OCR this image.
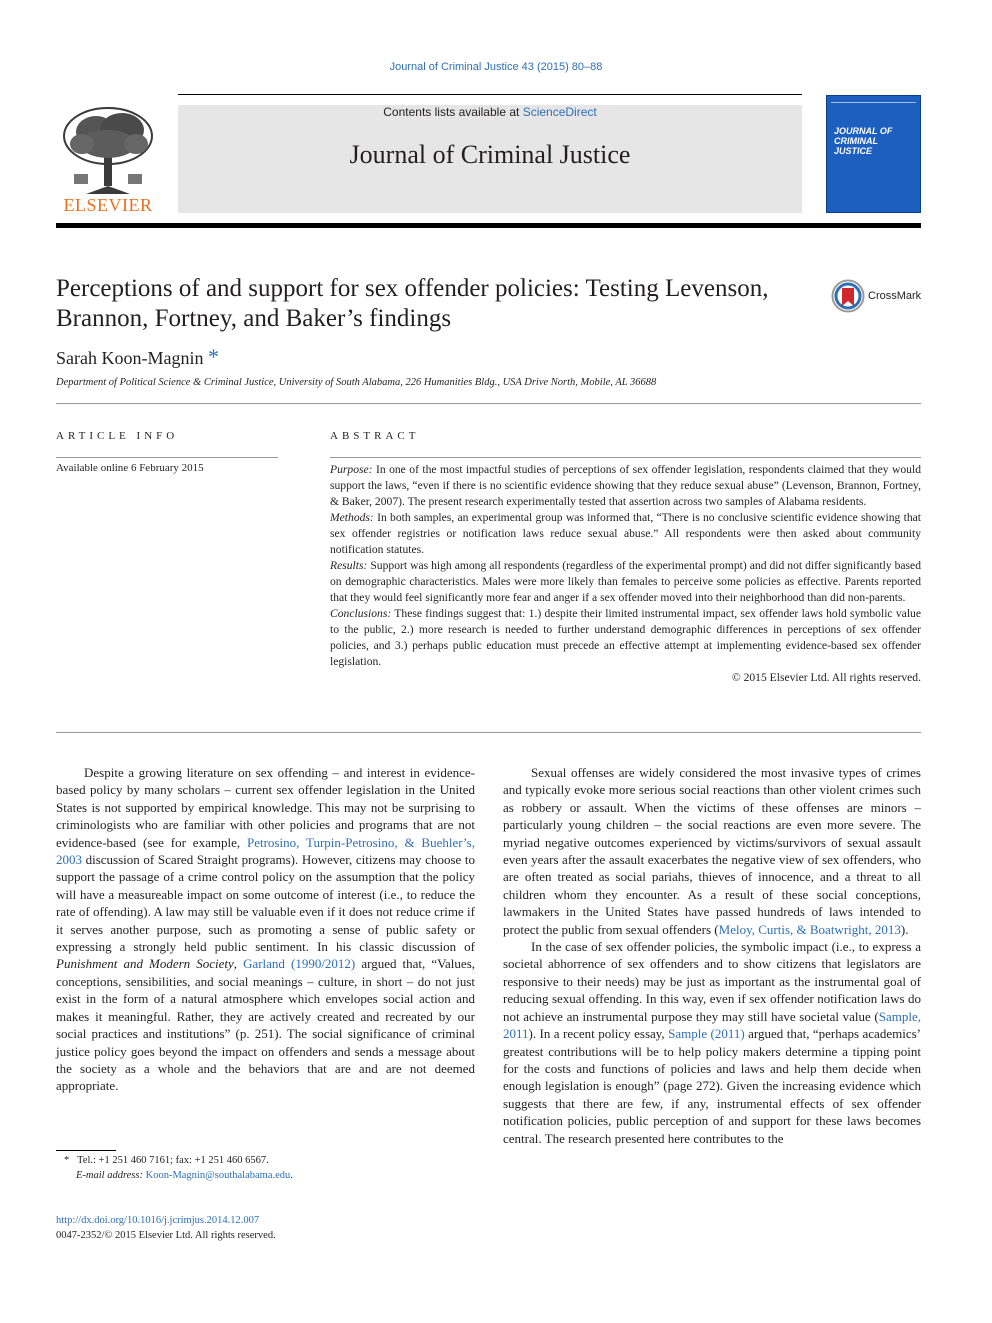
Journal of Criminal Justice 43 (2015) 80–88
ELSEVIER
Contents lists available at ScienceDirect
Journal of Criminal Justice
JOURNAL OF CRIMINAL JUSTICE
Perceptions of and support for sex offender policies: Testing Levenson, Brannon, Fortney, and Baker’s findings
CrossMark
Sarah Koon-Magnin *
Department of Political Science & Criminal Justice, University of South Alabama, 226 Humanities Bldg., USA Drive North, Mobile, AL 36688
ARTICLE INFO
Available online 6 February 2015
ABSTRACT

Purpose: In one of the most impactful studies of perceptions of sex offender legislation, respondents claimed that they would support the laws, “even if there is no scientific evidence showing that they reduce sexual abuse” (Levenson, Brannon, Fortney, & Baker, 2007). The present research experimentally tested that assertion across two samples of Alabama residents.

Methods: In both samples, an experimental group was informed that, “There is no conclusive scientific evidence showing that sex offender registries or notification laws reduce sexual abuse.” All respondents were then asked about community notification statutes.

Results: Support was high among all respondents (regardless of the experimental prompt) and did not differ significantly based on demographic characteristics. Males were more likely than females to perceive some policies as effective. Parents reported that they would feel significantly more fear and anger if a sex offender moved into their neighborhood than did non-parents.

Conclusions: These findings suggest that: 1.) despite their limited instrumental impact, sex offender laws hold symbolic value to the public, 2.) more research is needed to further understand demographic differences in perceptions of sex offender policies, and 3.) perhaps public education must precede an effective attempt at implementing evidence-based sex offender legislation.

© 2015 Elsevier Ltd. All rights reserved.

Despite a growing literature on sex offending – and interest in evidence-based policy by many scholars – current sex offender legislation in the United States is not supported by empirical knowledge. This may not be surprising to criminologists who are familiar with other policies and programs that are not evidence-based (see for example, Petrosino, Turpin-Petrosino, & Buehler’s, 2003 discussion of Scared Straight programs). However, citizens may choose to support the passage of a crime control policy on the assumption that the policy will have a measureable impact on some outcome of interest (i.e., to reduce the rate of offending). A law may still be valuable even if it does not reduce crime if it serves another purpose, such as promoting a sense of public safety or expressing a strongly held public sentiment. In his classic discussion of Punishment and Modern Society, Garland (1990/2012) argued that, “Values, conceptions, sensibilities, and social meanings – culture, in short – do not just exist in the form of a natural atmosphere which envelopes social action and makes it meaningful. Rather, they are actively created and recreated by our social practices and institutions” (p. 251). The social significance of criminal justice policy goes beyond the impact on offenders and sends a message about the society as a whole and the behaviors that are and are not deemed appropriate.

Sexual offenses are widely considered the most invasive types of crimes and typically evoke more serious social reactions than other violent crimes such as robbery or assault. When the victims of these offenses are minors – particularly young children – the social reactions are even more severe. The myriad negative outcomes experienced by victims/survivors of sexual assault even years after the assault exacerbates the negative view of sex offenders, who are often treated as social pariahs, thieves of innocence, and a threat to all children whom they encounter. As a result of these social conceptions, lawmakers in the United States have passed hundreds of laws intended to protect the public from sexual offenders (Meloy, Curtis, & Boatwright, 2013).

In the case of sex offender policies, the symbolic impact (i.e., to express a societal abhorrence of sex offenders and to show citizens that legislators are responsive to their needs) may be just as important as the instrumental goal of reducing sexual offending. In this way, even if sex offender notification laws do not achieve an instrumental purpose they may still have societal value (Sample, 2011). In a recent policy essay, Sample (2011) argued that, “perhaps academics’ greatest contributions will be to help policy makers determine a tipping point for the costs and functions of policies and laws and help them decide when enough legislation is enough” (page 272). Given the increasing evidence which suggests that there are few, if any, instrumental effects of sex offender notification policies, public perception of and support for these laws becomes central. The research presented here contributes to the

* Tel.: +1 251 460 7161; fax: +1 251 460 6567.
E-mail address: Koon-Magnin@southalabama.edu.
http://dx.doi.org/10.1016/j.jcrimjus.2014.12.007
0047-2352/© 2015 Elsevier Ltd. All rights reserved.
